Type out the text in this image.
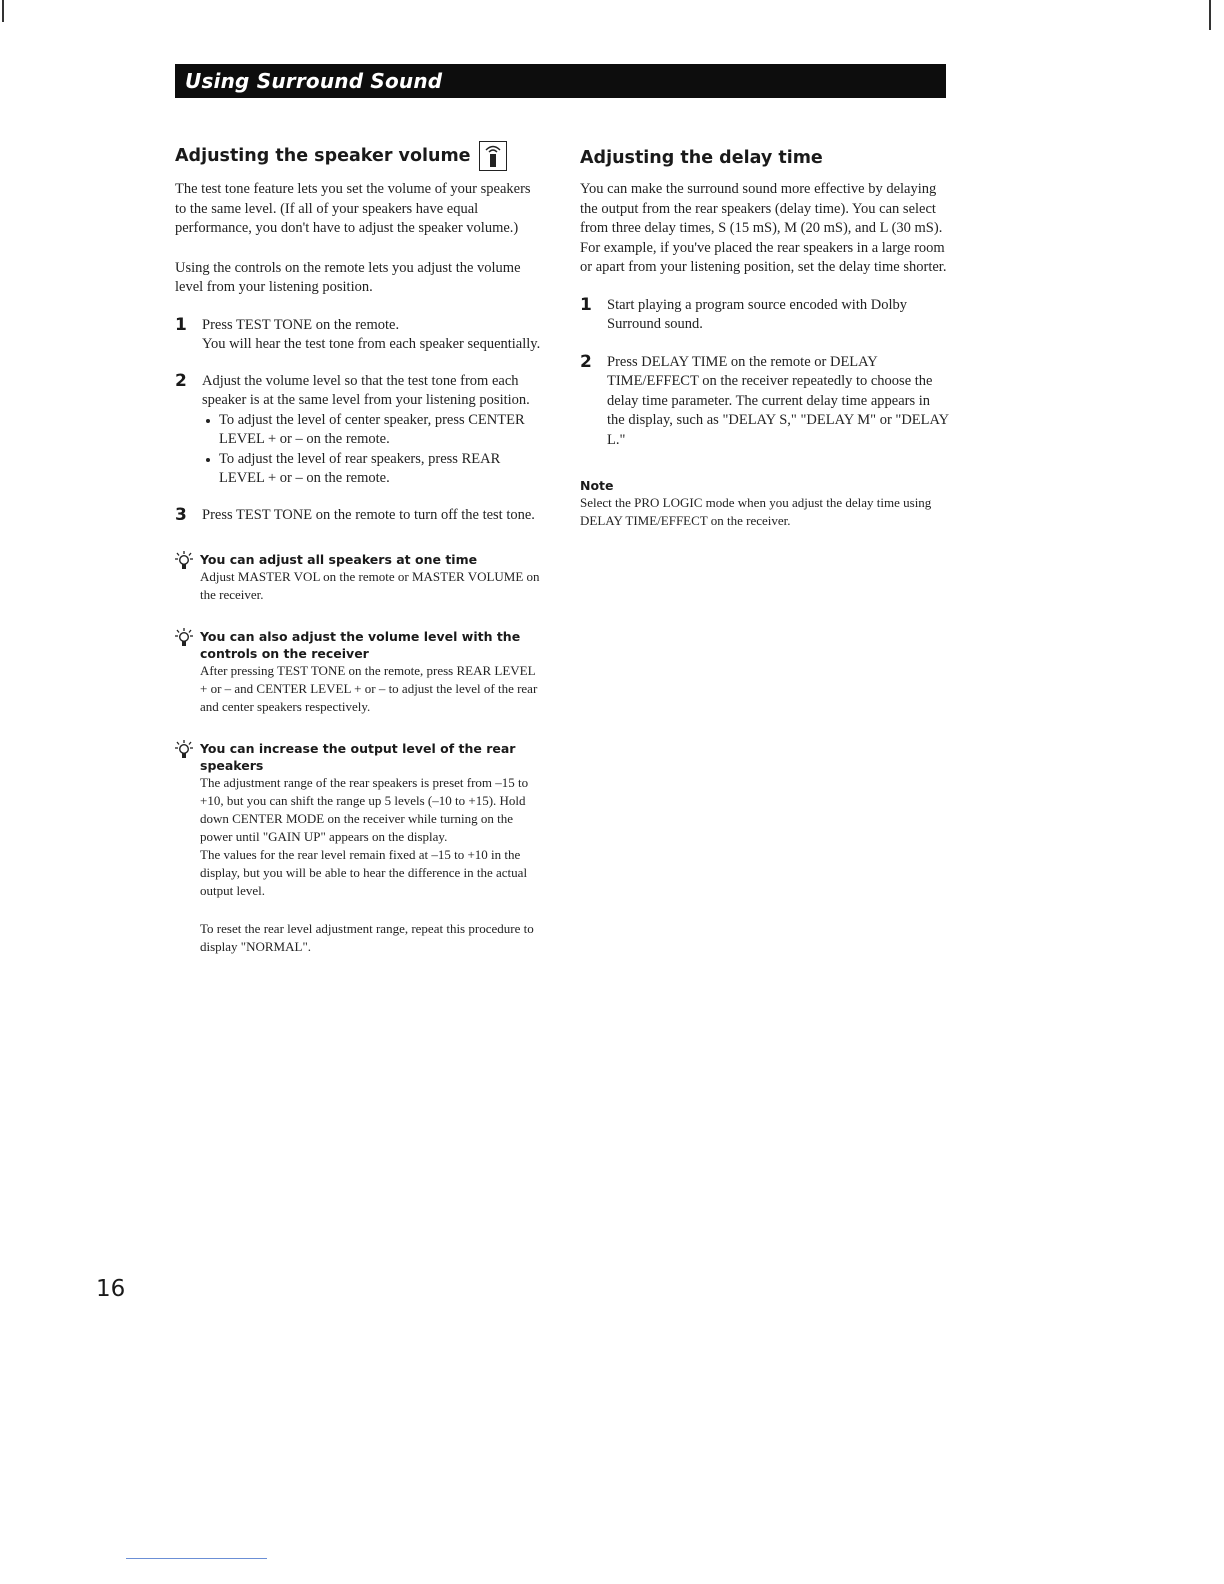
Using Surround Sound
Adjusting the speaker volume

The test tone feature lets you set the volume of your speakers to the same level. (If all of your speakers have equal performance, you don't have to adjust the speaker volume.)

Using the controls on the remote lets you adjust the volume level from your listening position.

1	Press TEST TONE on the remote.

You will hear the test tone from each speaker sequentially.

2	Adjust the volume level so that the test tone from each speaker is at the same level from your listening position.

To adjust the level of center speaker, press CENTER LEVEL + or – on the remote.
To adjust the level of rear speakers, press REAR LEVEL + or – on the remote.
3	Press TEST TONE on the remote to turn off the test tone.

You can adjust all speakers at one time

Adjust MASTER VOL on the remote or MASTER VOLUME on the receiver.

You can also adjust the volume level with the controls on the receiver

After pressing TEST TONE on the remote, press REAR LEVEL + or – and CENTER LEVEL + or – to adjust the level of the rear and center speakers respectively.

You can increase the output level of the rear speakers

The adjustment range of the rear speakers is preset from –15 to +10, but you can shift the range up 5 levels (–10 to +15). Hold down CENTER MODE on the receiver while turning on the power until "GAIN UP" appears on the display.

The values for the rear level remain fixed at –15 to +10 in the display, but you will be able to hear the difference in the actual output level.

To reset the rear level adjustment range, repeat this procedure to display "NORMAL".

Adjusting the delay time

You can make the surround sound more effective by delaying the output from the rear speakers (delay time). You can select from three delay times, S (15 mS), M (20 mS), and L (30 mS). For example, if you've placed the rear speakers in a large room or apart from your listening position, set the delay time shorter.

1	Start playing a program source encoded with Dolby Surround sound.

2	Press DELAY TIME on the remote or DELAY TIME/EFFECT on the receiver repeatedly to choose the delay time parameter. The current delay time appears in the display, such as "DELAY S," "DELAY M" or "DELAY L."

Note

Select the PRO LOGIC mode when you adjust the delay time using DELAY TIME/EFFECT on the receiver.

16
